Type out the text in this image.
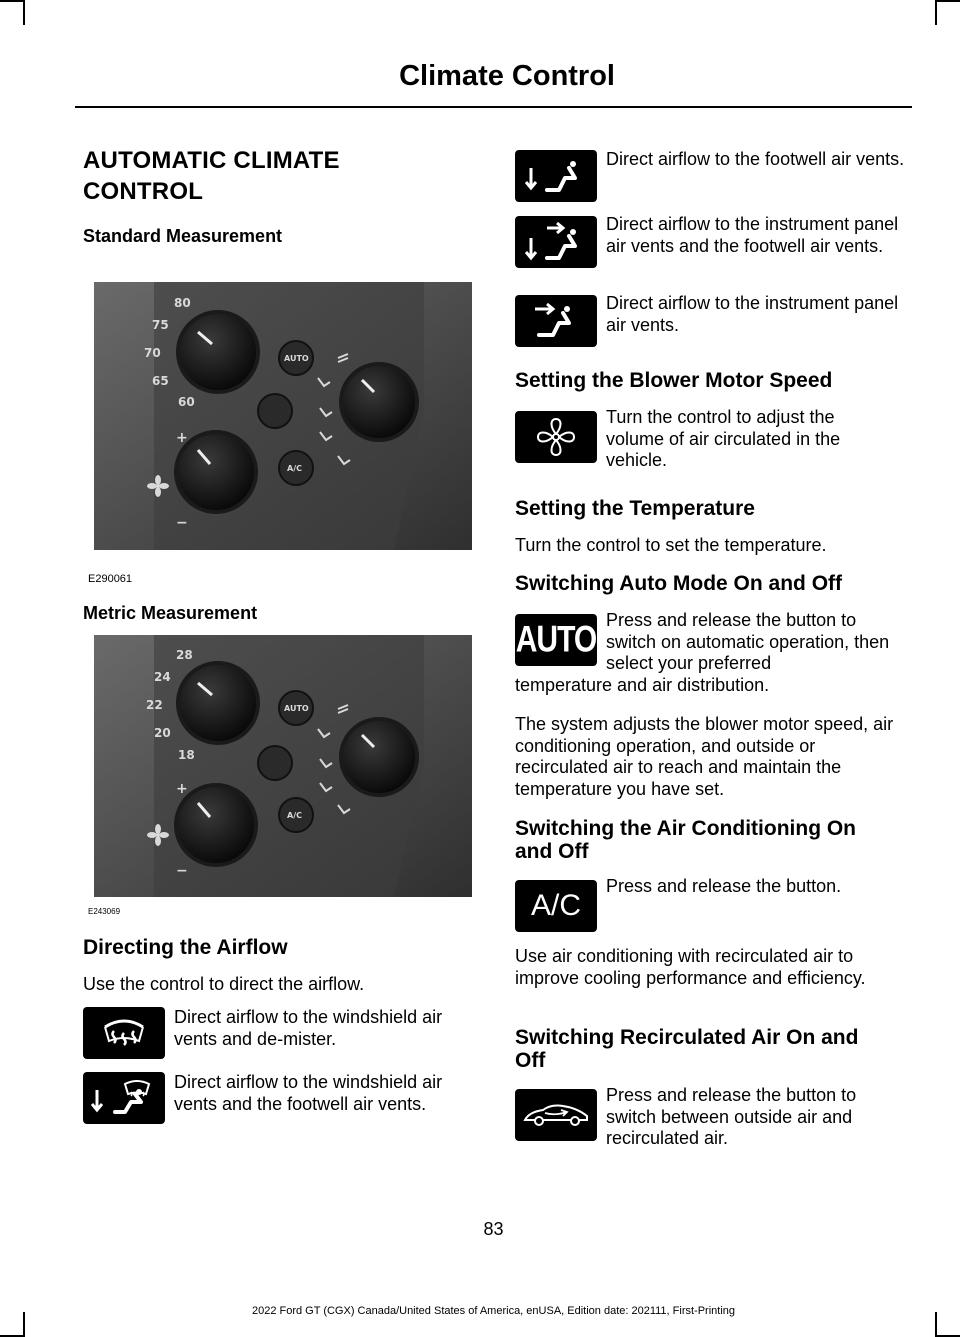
Climate Control
AUTOMATIC CLIMATE
CONTROL
Standard Measurement
80
75
70
65
60
AUTO
A/C
+
−
E290061
Metric Measurement
28
24
22
20
18
AUTO
A/C
+
−
E243069
Directing the Airflow

Use the control to direct the airflow.

Direct airflow to the windshield air vents and de-mister.

Direct airflow to the windshield air vents and the footwell air vents.

Direct airflow to the footwell air vents.

Direct airflow to the instrument panel air vents and the footwell air vents.

Direct airflow to the instrument panel air vents.

Setting the Blower Motor Speed

Turn the control to adjust the volume of air circulated in the vehicle.

Setting the Temperature

Turn the control to set the temperature.

Switching Auto Mode On and Off
AUTO Press and release the button to switch on automatic operation, then select your preferred

temperature and air distribution.

The system adjusts the blower motor speed, air conditioning operation, and outside or recirculated air to reach and maintain the temperature you have set.

Switching the Air Conditioning On
and Off
A/C

Press and release the button.

Use air conditioning with recirculated air to improve cooling performance and efficiency.

Switching Recirculated Air On and
Off

Press and release the button to switch between outside air and recirculated air.

83
2022 Ford GT (CGX) Canada/United States of America, enUSA, Edition date: 202111, First-Printing
